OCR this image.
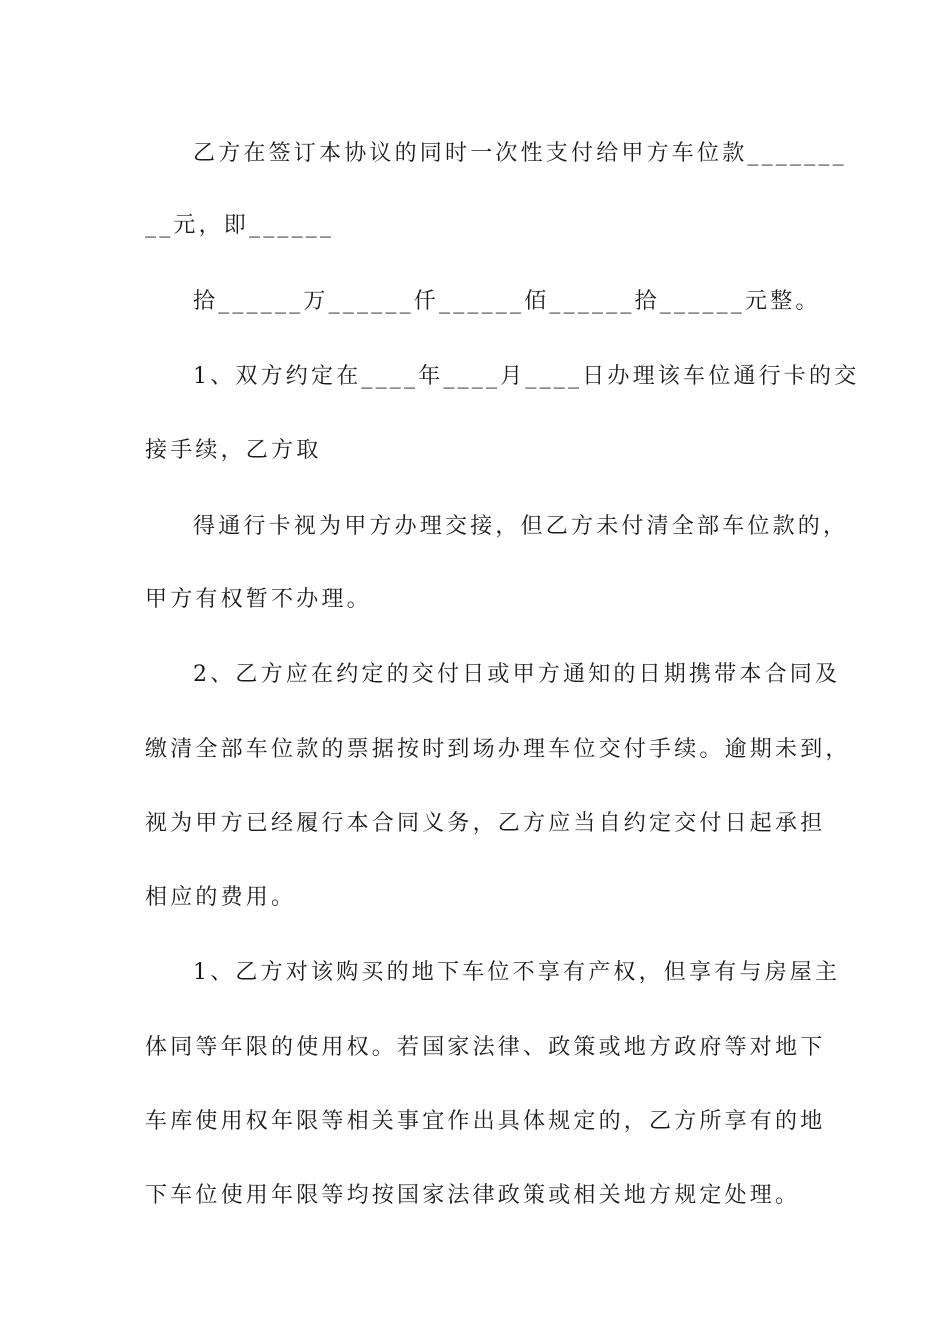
乙方在签订本协议的同时一次性支付给甲方车位款_______
__元，即______
拾______万______仟______佰______拾______元整。
1、双方约定在____年____月____日办理该车位通行卡的交
接手续，乙方取
得通行卡视为甲方办理交接，但乙方未付清全部车位款的，
甲方有权暂不办理。
2、乙方应在约定的交付日或甲方通知的日期携带本合同及
缴清全部车位款的票据按时到场办理车位交付手续。逾期未到，
视为甲方已经履行本合同义务，乙方应当自约定交付日起承担
相应的费用。
1、乙方对该购买的地下车位不享有产权，但享有与房屋主
体同等年限的使用权。若国家法律、政策或地方政府等对地下
车库使用权年限等相关事宜作出具体规定的，乙方所享有的地
下车位使用年限等均按国家法律政策或相关地方规定处理。
